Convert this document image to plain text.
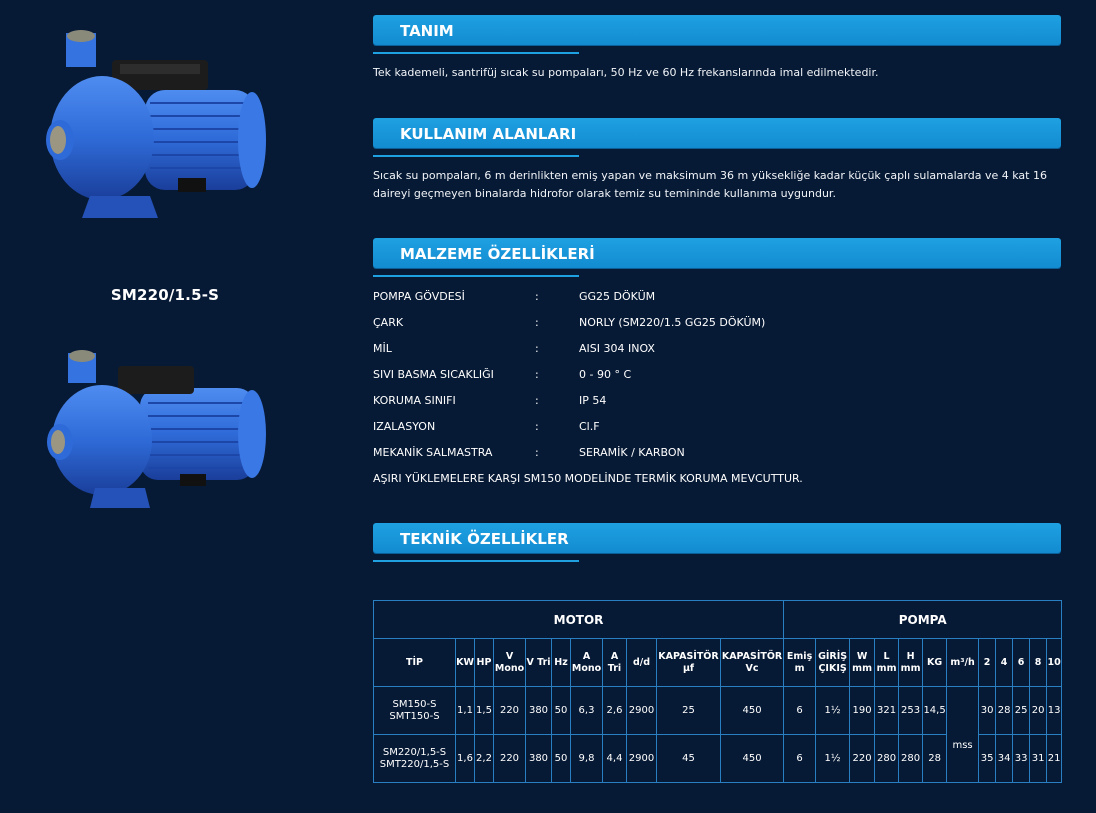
SM220/1.5-S
TANIM
Tek kademeli, santrifüj sıcak su pompaları, 50 Hz ve 60 Hz frekanslarında imal edilmektedir.
KULLANIM ALANLARI
Sıcak su pompaları, 6 m derinlikten emiş yapan ve maksimum 36 m yüksekliğe kadar küçük çaplı sulamalarda ve 4 kat 16 daireyi geçmeyen binalarda hidrofor olarak temiz su temininde kullanıma uygundur.
MALZEME ÖZELLİKLERİ
POMPA GÖVDESİ	:	GG25 DÖKÜM
ÇARK	:	NORLY (SM220/1.5 GG25 DÖKÜM)
MİL	:	AISI 304 INOX
SIVI BASMA SICAKLIĞI	:	0 - 90 ° C
KORUMA SINIFI	:	IP 54
IZALASYON	:	Cl.F
MEKANİK SALMASTRA	:	SERAMİK / KARBON
AŞIRI YÜKLEMELERE KARŞI SM150 MODELİNDE TERMİK KORUMA MEVCUTTUR.
TEKNİK ÖZELLİKLER
MOTOR											POMPA											
TİP	KW	HP	V Mono	V Tri	Hz	A Mono	A Tri	d/d	KAPASİTÖR µf	KAPASİTÖR Vc	Emiş m	GİRİŞ ÇIKIŞ	W mm	L mm	H mm	KG	m³/h	2	4	6	8	10
SM150-S SMT150-S	1,1	1,5	220	380	50	6,3	2,6	2900	25	450	6	1½	190	321	253	14,5	mss	30	28	25	20	13
SM220/1,5-S SMT220/1,5-S	1,6	2,2	220	380	50	9,8	4,4	2900	45	450	6	1½	220	280	280	28		35	34	33	31	21
